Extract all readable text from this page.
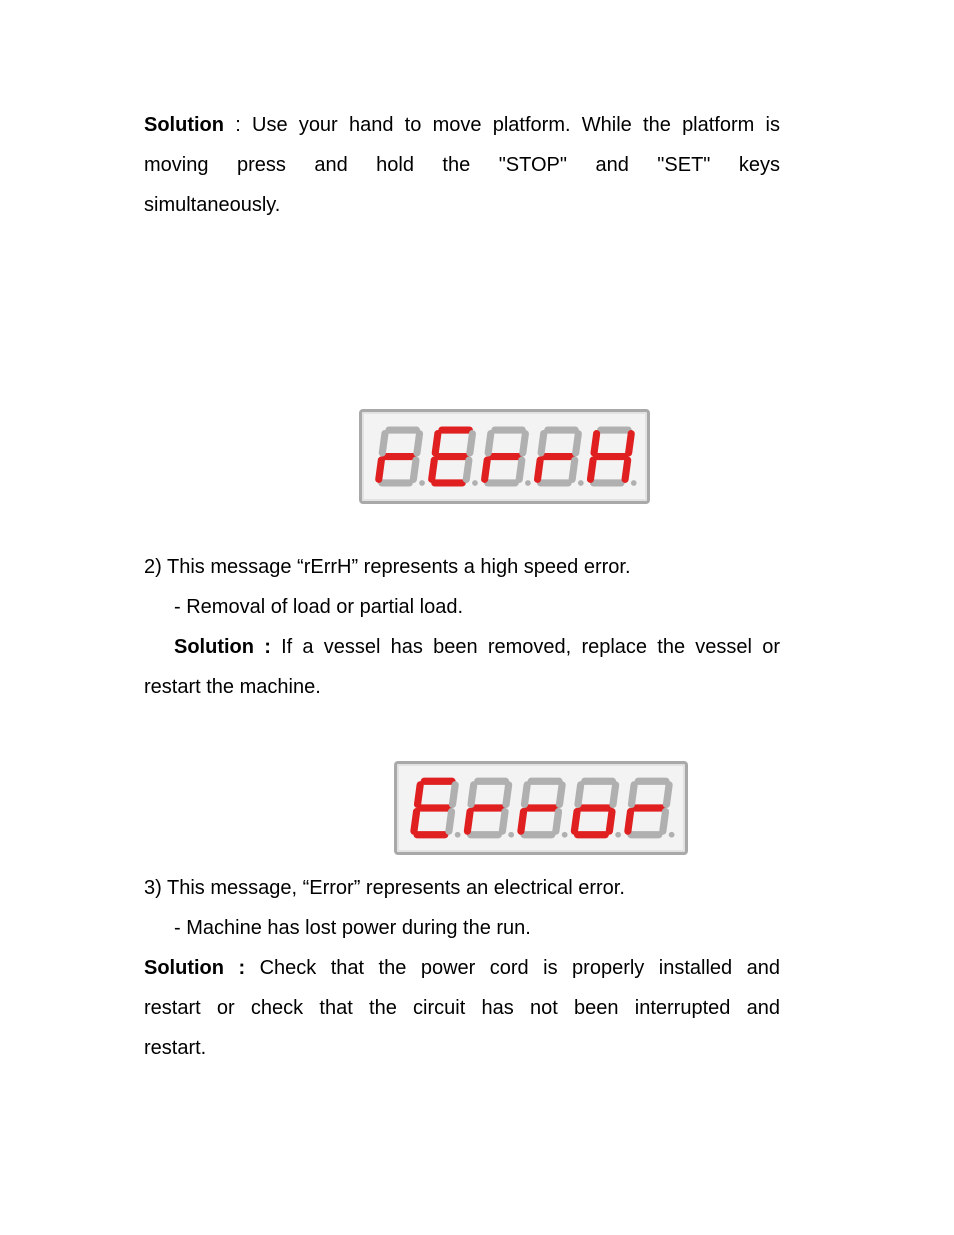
Solution : Use your hand to move platform. While the platform is

moving press and hold the "STOP" and "SET" keys

simultaneously.

2) This message “rErrH” represents a high speed error.

- Removal of load or partial load.

Solution : If a vessel has been removed, replace the vessel or

restart the machine.

3) This message, “Error” represents an electrical error.

- Machine has lost power during the run.

Solution : Check that the power cord is properly installed and

restart or check that the circuit has not been interrupted and

restart.
